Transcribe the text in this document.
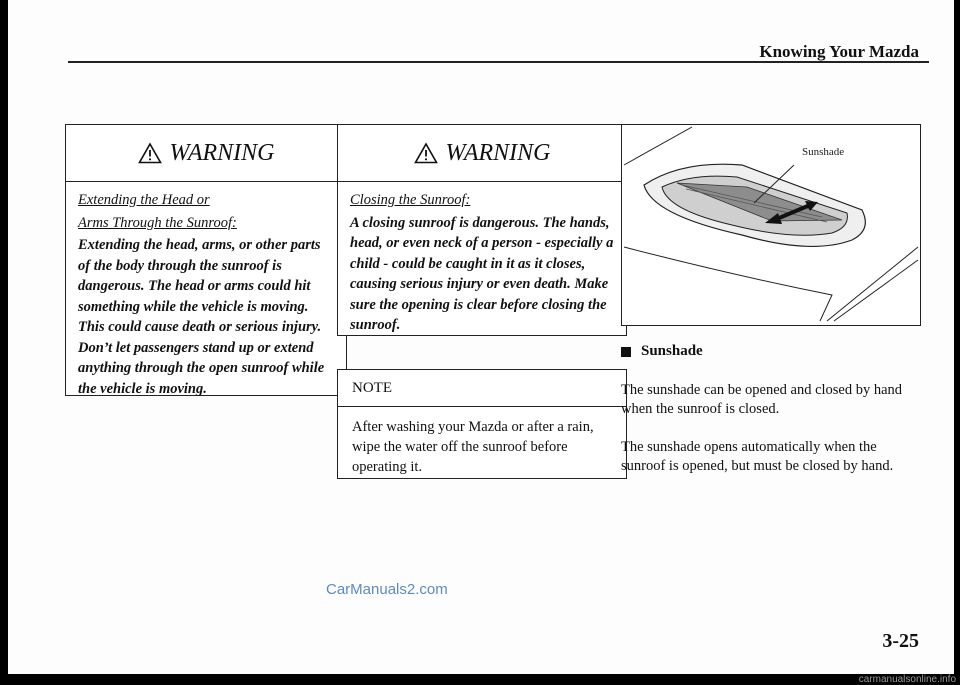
Knowing Your Mazda
WARNING
Extending the Head or
Arms Through the Sunroof:
Extending the head, arms, or other parts of the body through the sunroof is dangerous. The head or arms could hit something while the vehicle is moving. This could cause death or serious injury. Don’t let passengers stand up or extend anything through the open sunroof while the vehicle is moving.
WARNING
Closing the Sunroof:
A closing sunroof is dangerous. The hands, head, or even neck of a person - especially a child - could be caught in it as it closes, causing serious injury or even death. Make sure the opening is clear before closing the sunroof.
NOTE
After washing your Mazda or after a rain, wipe the water off the sunroof before operating it.
Sunshade
Sunshade
The sunshade can be opened and closed by hand when the sunroof is closed.
The sunshade opens automatically when the sunroof is opened, but must be closed by hand.
CarManuals2.com
3-25
carmanualsonline.info
